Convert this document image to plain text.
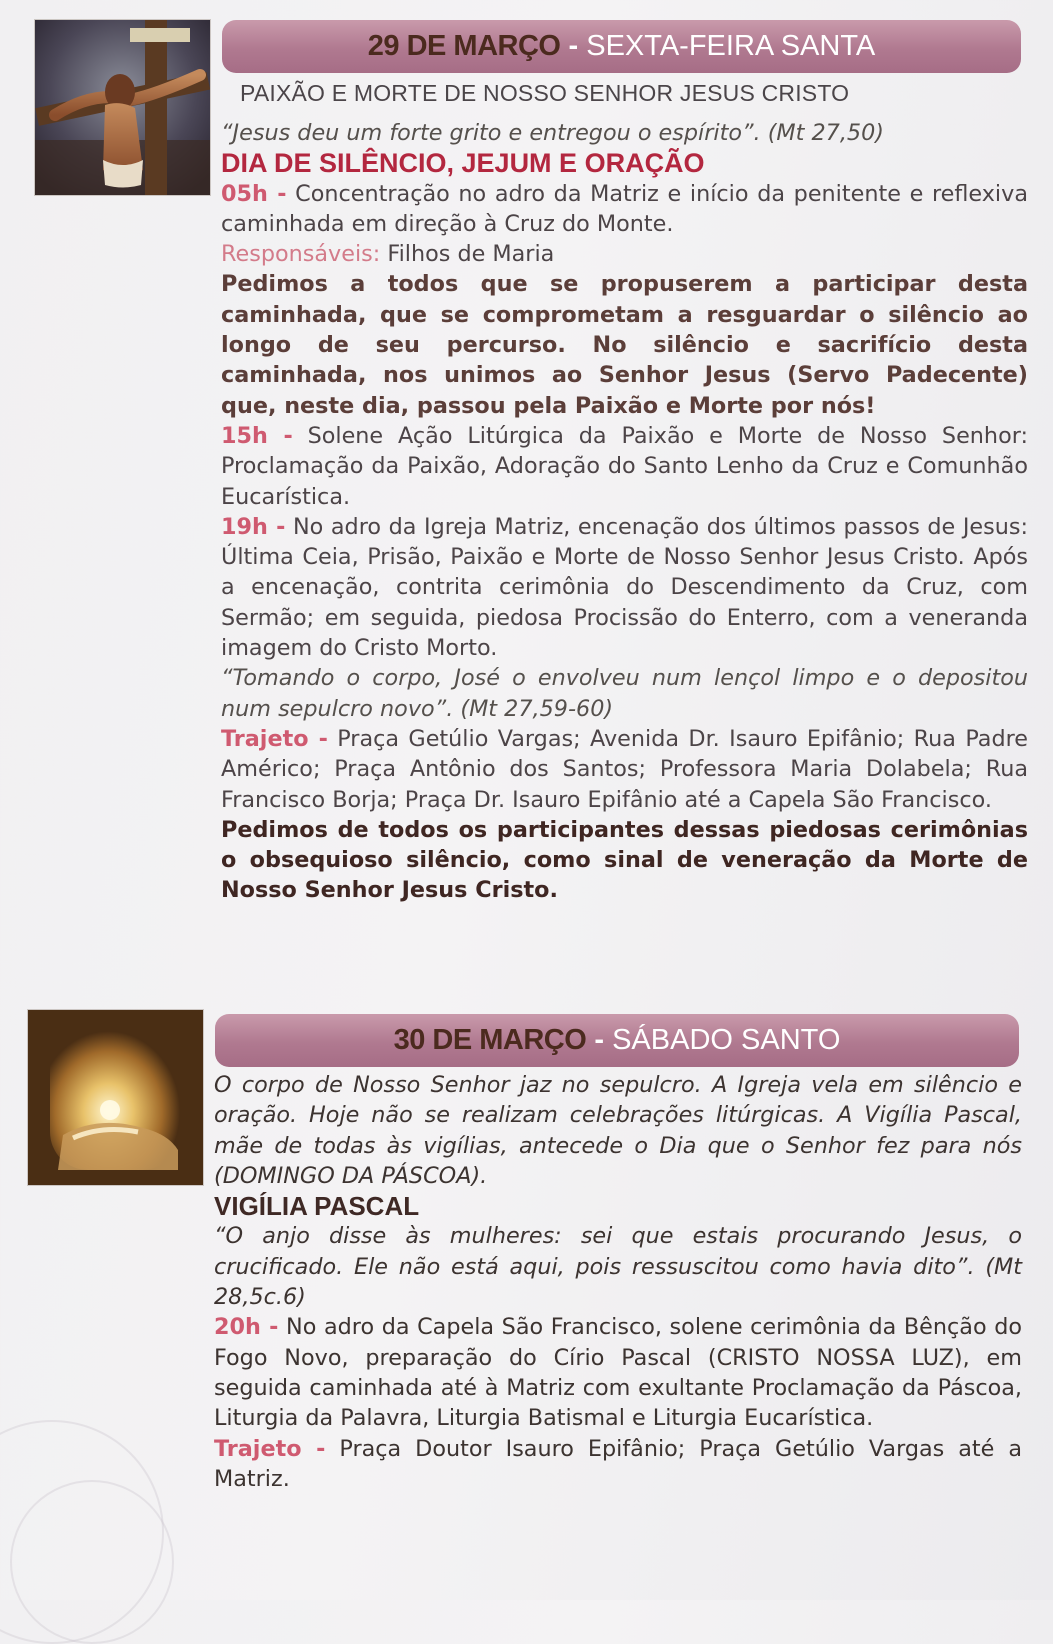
29 DE MARÇO - SEXTA-FEIRA SANTA

PAIXÃO E MORTE DE NOSSO SENHOR JESUS CRISTO

“Jesus deu um forte grito e entregou o espírito”. (Mt 27,50)

DIA DE SILÊNCIO, JEJUM E ORAÇÃO

05h - Concentração no adro da Matriz e início da penitente e reflexiva caminhada em direção à Cruz do Monte.

Responsáveis: Filhos de Maria

Pedimos a todos que se propuserem a participar desta caminhada, que se comprometam a resguardar o silêncio ao longo de seu percurso. No silêncio e sacrifício desta caminhada, nos unimos ao Senhor Jesus (Servo Padecente) que, neste dia, passou pela Paixão e Morte por nós!

15h - Solene Ação Litúrgica da Paixão e Morte de Nosso Senhor: Proclamação da Paixão, Adoração do Santo Lenho da Cruz e Comunhão Eucarística.

19h - No adro da Igreja Matriz, encenação dos últimos passos de Jesus: Última Ceia, Prisão, Paixão e Morte de Nosso Senhor Jesus Cristo. Após a encenação, contrita cerimônia do Descendimento da Cruz, com Sermão; em seguida, piedosa Procissão do Enterro, com a veneranda imagem do Cristo Morto.

“Tomando o corpo, José o envolveu num lençol limpo e o depositou num sepulcro novo”. (Mt 27,59-60)

Trajeto - Praça Getúlio Vargas; Avenida Dr. Isauro Epifânio; Rua Padre Américo; Praça Antônio dos Santos; Professora Maria Dolabela; Rua Francisco Borja; Praça Dr. Isauro Epifânio até a Capela São Francisco.

Pedimos de todos os participantes dessas piedosas cerimônias o obsequioso silêncio, como sinal de veneração da Morte de Nosso Senhor Jesus Cristo.

30 DE MARÇO - SÁBADO SANTO

O corpo de Nosso Senhor jaz no sepulcro. A Igreja vela em silêncio e oração. Hoje não se realizam celebrações litúrgicas. A Vigília Pascal, mãe de todas às vigílias, antecede o Dia que o Senhor fez para nós (DOMINGO DA PÁSCOA).

VIGÍLIA PASCAL

“O anjo disse às mulheres: sei que estais procurando Jesus, o crucificado. Ele não está aqui, pois ressuscitou como havia dito”. (Mt 28,5c.6)

20h - No adro da Capela São Francisco, solene cerimônia da Bênção do Fogo Novo, preparação do Círio Pascal (CRISTO NOSSA LUZ), em seguida caminhada até à Matriz com exultante Proclamação da Páscoa, Liturgia da Palavra, Liturgia Batismal e Liturgia Eucarística.

Trajeto - Praça Doutor Isauro Epifânio; Praça Getúlio Vargas até a Matriz.
